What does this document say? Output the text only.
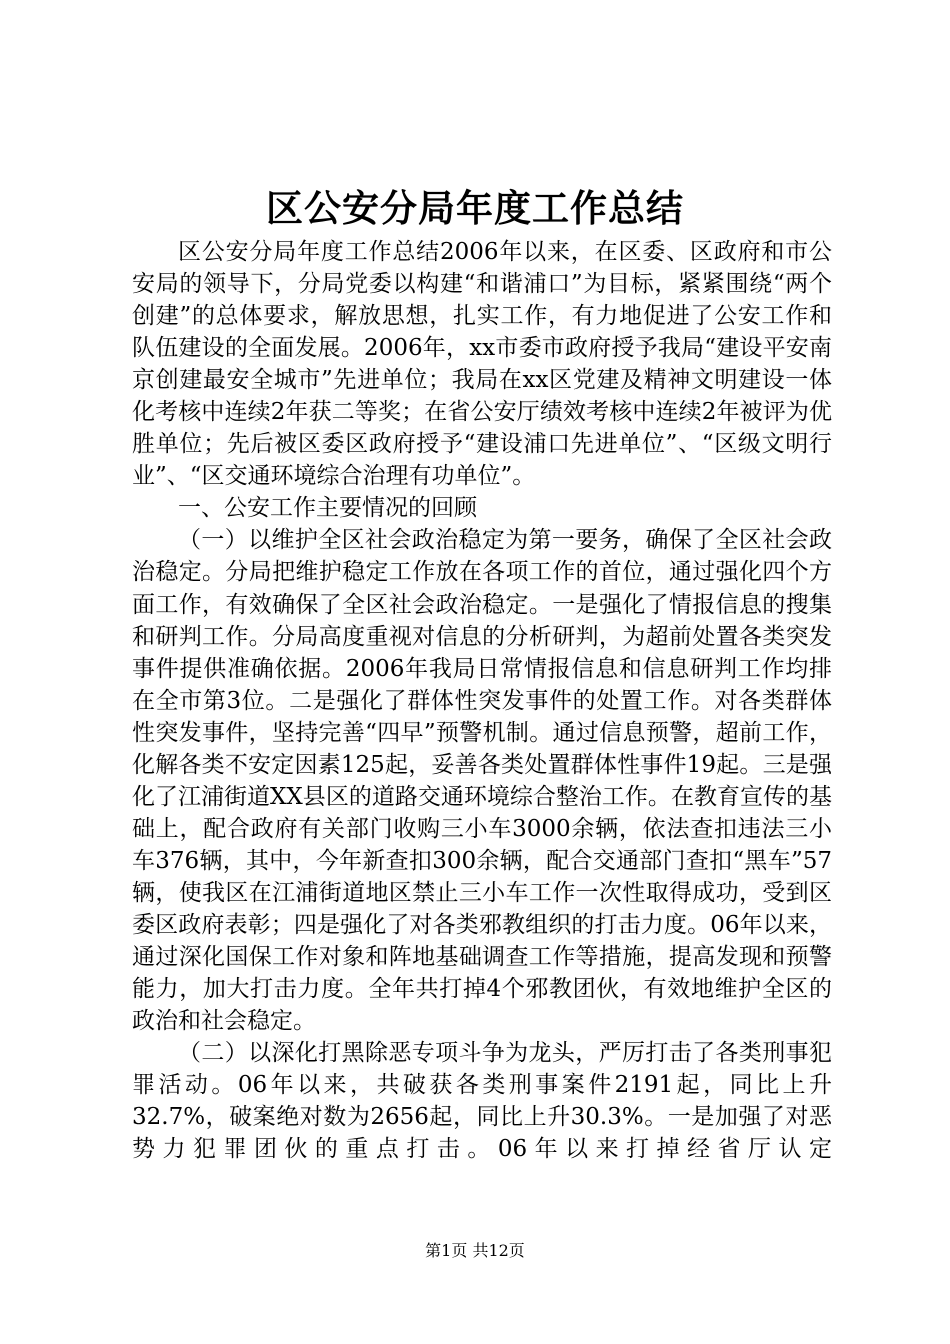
区公安分局年度工作总结

区公安分局年度工作总结2006年以来，在区委、区政府和市公安局的领导下，分局党委以构建“和谐浦口”为目标，紧紧围绕“两个创建”的总体要求，解放思想，扎实工作，有力地促进了公安工作和队伍建设的全面发展。2006年，xx市委市政府授予我局“建设平安南京创建最安全城市”先进单位；我局在xx区党建及精神文明建设一体化考核中连续2年获二等奖；在省公安厅绩效考核中连续2年被评为优胜单位；先后被区委区政府授予“建设浦口先进单位”、“区级文明行业”、“区交通环境综合治理有功单位”。

一、公安工作主要情况的回顾

（一）以维护全区社会政治稳定为第一要务，确保了全区社会政治稳定。分局把维护稳定工作放在各项工作的首位，通过强化四个方面工作，有效确保了全区社会政治稳定。一是强化了情报信息的搜集和研判工作。分局高度重视对信息的分析研判，为超前处置各类突发事件提供准确依据。2006年我局日常情报信息和信息研判工作均排在全市第3位。二是强化了群体性突发事件的处置工作。对各类群体性突发事件，坚持完善“四早”预警机制。通过信息预警，超前工作，化解各类不安定因素125起，妥善各类处置群体性事件19起。三是强化了江浦街道XX县区的道路交通环境综合整治工作。在教育宣传的基础上，配合政府有关部门收购三小车3000余辆，依法查扣违法三小车376辆，其中，今年新查扣300余辆，配合交通部门查扣“黑车”57辆，使我区在江浦街道地区禁止三小车工作一次性取得成功，受到区委区政府表彰；四是强化了对各类邪教组织的打击力度。06年以来，通过深化国保工作对象和阵地基础调查工作等措施，提高发现和预警能力，加大打击力度。全年共打掉4个邪教团伙，有效地维护全区的政治和社会稳定。

（二）以深化打黑除恶专项斗争为龙头，严厉打击了各类刑事犯罪活动。06年以来，共破获各类刑事案件2191起，同比上升32.7%，破案绝对数为2656起，同比上升30.3%。一是加强了对恶势力犯罪团伙的重点打击。06年以来打掉经省厅认定

第1页 共12页
